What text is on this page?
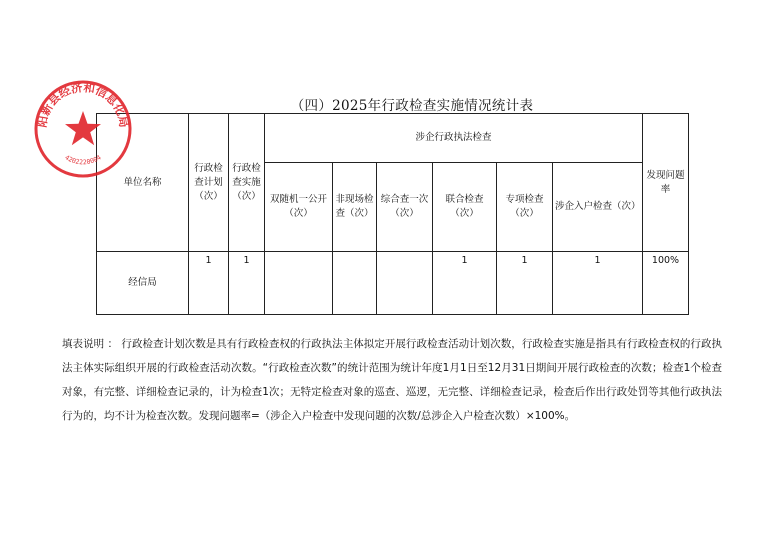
（四）2025年行政检查实施情况统计表
单位名称	行政检查计划（次）	行政检查实施（次）	涉企行政执法检查						发现问题率
			双随机一公开（次）	非现场检查（次）	综合查一次（次）	联合检查（次）	专项检查（次）	涉企入户检查（次）	
经信局	1	1				1	1	1	100%
填表说明 ： 行政检查计划次数是具有行政检查权的行政执法主体拟定开展行政检查活动计划次数，行政检查实施是指具有行政检查权的行政执法主体实际组织开展的行政检查活动次数。“行政检查次数”的统计范围为统计年度1月1日至12月31日期间开展行政检查的次数；检查1个检查对象，有完整、详细检查记录的，计为检查1次；无特定检查对象的巡查、巡逻，无完整、详细检查记录，检查后作出行政处罚等其他行政执法行为的，均不计为检查次数。发现问题率=（涉企入户检查中发现问题的次数/总涉企入户检查次数）×100%。
阳新县经济和信息化局
4202220004
